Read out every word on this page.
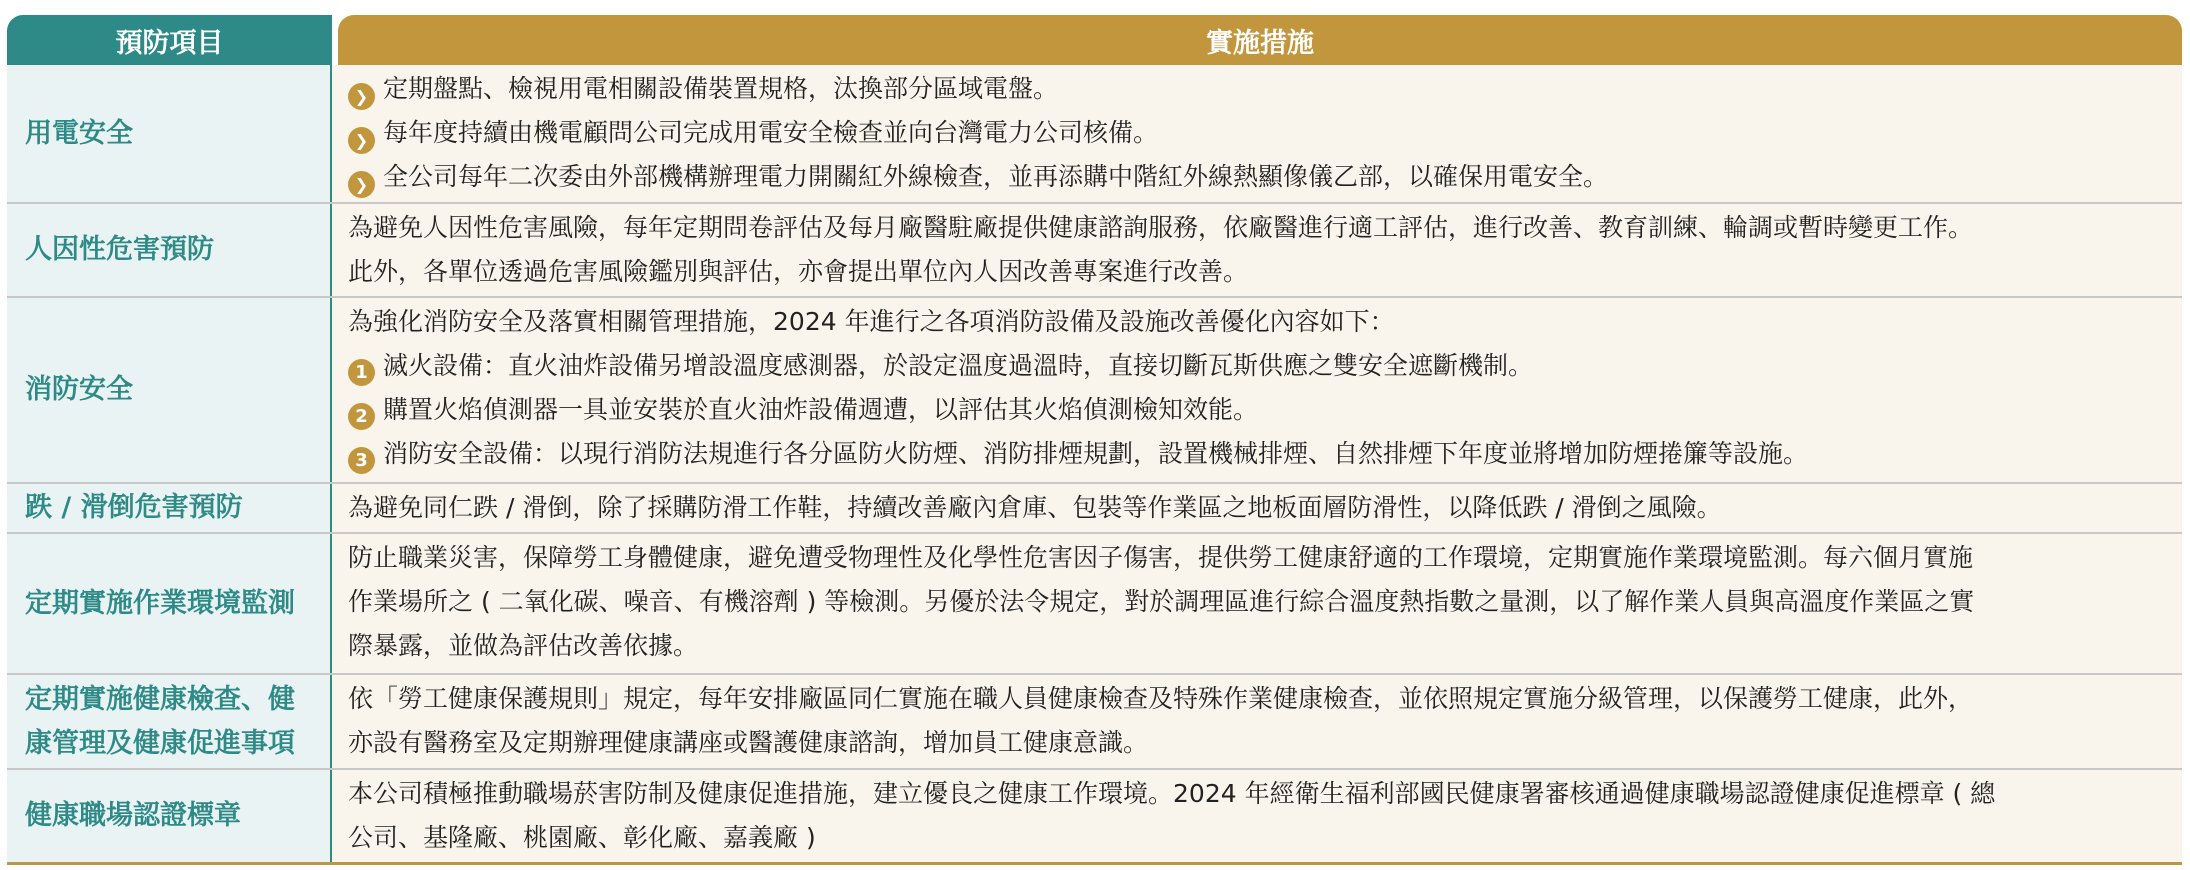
預防項目	實施措施
用電安全
❯ 定期盤點、檢視用電相關設備裝置規格，汰換部分區域電盤。
❯ 每年度持續由機電顧問公司完成用電安全檢查並向台灣電力公司核備。
❯ 全公司每年二次委由外部機構辦理電力開關紅外線檢查，並再添購中階紅外線熱顯像儀乙部，以確保用電安全。
人因性危害預防
為避免人因性危害風險，每年定期問卷評估及每月廠醫駐廠提供健康諮詢服務，依廠醫進行適工評估，進行改善、教育訓練、輪調或暫時變更工作。
此外，各單位透過危害風險鑑別與評估，亦會提出單位內人因改善專案進行改善。
消防安全
為強化消防安全及落實相關管理措施，2024 年進行之各項消防設備及設施改善優化內容如下：
1 滅火設備：直火油炸設備另增設溫度感測器，於設定溫度過溫時，直接切斷瓦斯供應之雙安全遮斷機制。
2 購置火焰偵測器一具並安裝於直火油炸設備週遭，以評估其火焰偵測檢知效能。
3 消防安全設備：以現行消防法規進行各分區防火防煙、消防排煙規劃，設置機械排煙、自然排煙下年度並將增加防煙捲簾等設施。
跌 / 滑倒危害預防	為避免同仁跌 / 滑倒，除了採購防滑工作鞋，持續改善廠內倉庫、包裝等作業區之地板面層防滑性，以降低跌 / 滑倒之風險。
定期實施作業環境監測
防止職業災害，保障勞工身體健康，避免遭受物理性及化學性危害因子傷害，提供勞工健康舒適的工作環境，定期實施作業環境監測。每六個月實施
作業場所之 ( 二氧化碳、噪音、有機溶劑 ) 等檢測。另優於法令規定，對於調理區進行綜合溫度熱指數之量測，以了解作業人員與高溫度作業區之實
際暴露，並做為評估改善依據。
定期實施健康檢查、健
康管理及健康促進事項
依「勞工健康保護規則」規定，每年安排廠區同仁實施在職人員健康檢查及特殊作業健康檢查，並依照規定實施分級管理，以保護勞工健康，此外，
亦設有醫務室及定期辦理健康講座或醫護健康諮詢，增加員工健康意識。
健康職場認證標章
本公司積極推動職場菸害防制及健康促進措施，建立優良之健康工作環境。2024 年經衛生福利部國民健康署審核通過健康職場認證健康促進標章 ( 總
公司、基隆廠、桃園廠、彰化廠、嘉義廠 )
